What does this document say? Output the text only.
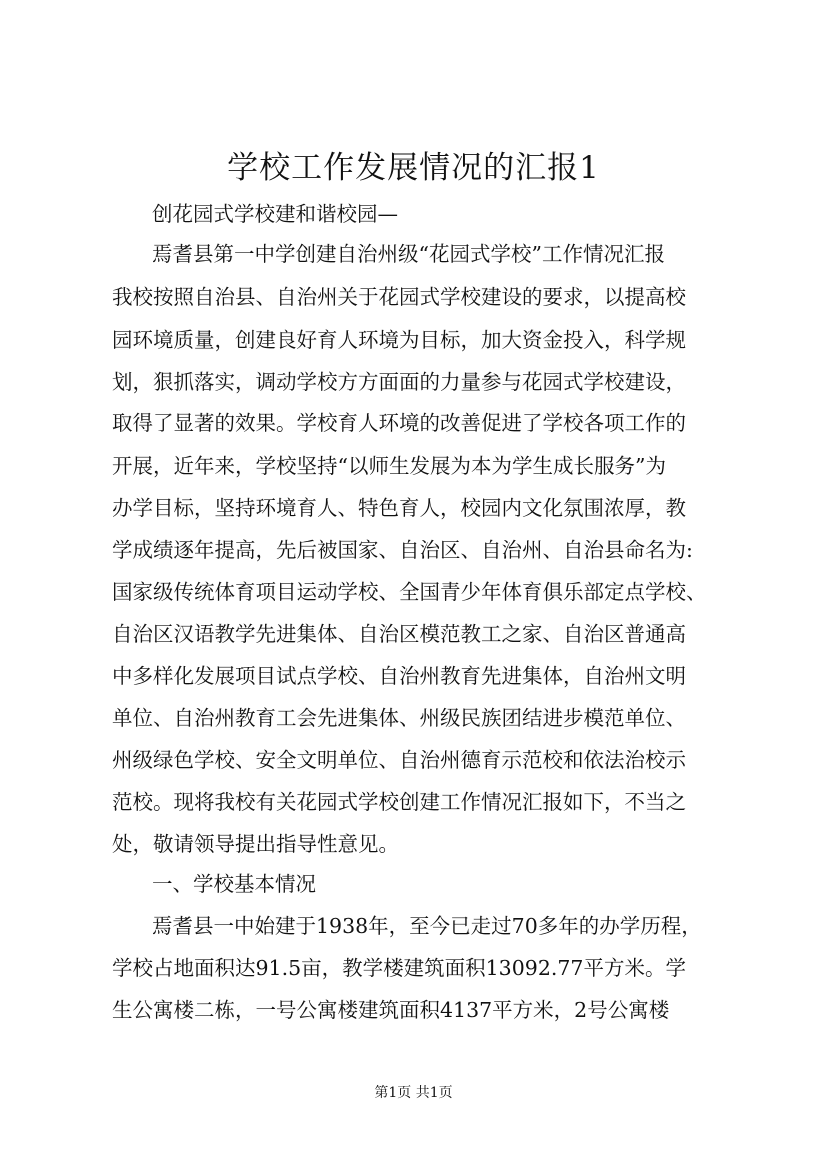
学校工作发展情况的汇报1
创花园式学校建和谐校园—
焉耆县第一中学创建自治州级“花园式学校”工作情况汇报
我校按照自治县、自治州关于花园式学校建设的要求，以提高校
园环境质量，创建良好育人环境为目标，加大资金投入，科学规
划，狠抓落实，调动学校方方面面的力量参与花园式学校建设，
取得了显著的效果。学校育人环境的改善促进了学校各项工作的
开展，近年来，学校坚持“以师生发展为本为学生成长服务”为
办学目标，坚持环境育人、特色育人，校园内文化氛围浓厚，教
学成绩逐年提高，先后被国家、自治区、自治州、自治县命名为:
国家级传统体育项目运动学校、全国青少年体育俱乐部定点学校、
自治区汉语教学先进集体、自治区模范教工之家、自治区普通高
中多样化发展项目试点学校、自治州教育先进集体，自治州文明
单位、自治州教育工会先进集体、州级民族团结进步模范单位、
州级绿色学校、安全文明单位、自治州德育示范校和依法治校示
范校。现将我校有关花园式学校创建工作情况汇报如下，不当之
处，敬请领导提出指导性意见。
一、学校基本情况
焉耆县一中始建于1938年，至今已走过70多年的办学历程，
学校占地面积达91.5亩，教学楼建筑面积13092.77平方米。学
生公寓楼二栋，一号公寓楼建筑面积4137平方米，2号公寓楼
第1页 共1页
